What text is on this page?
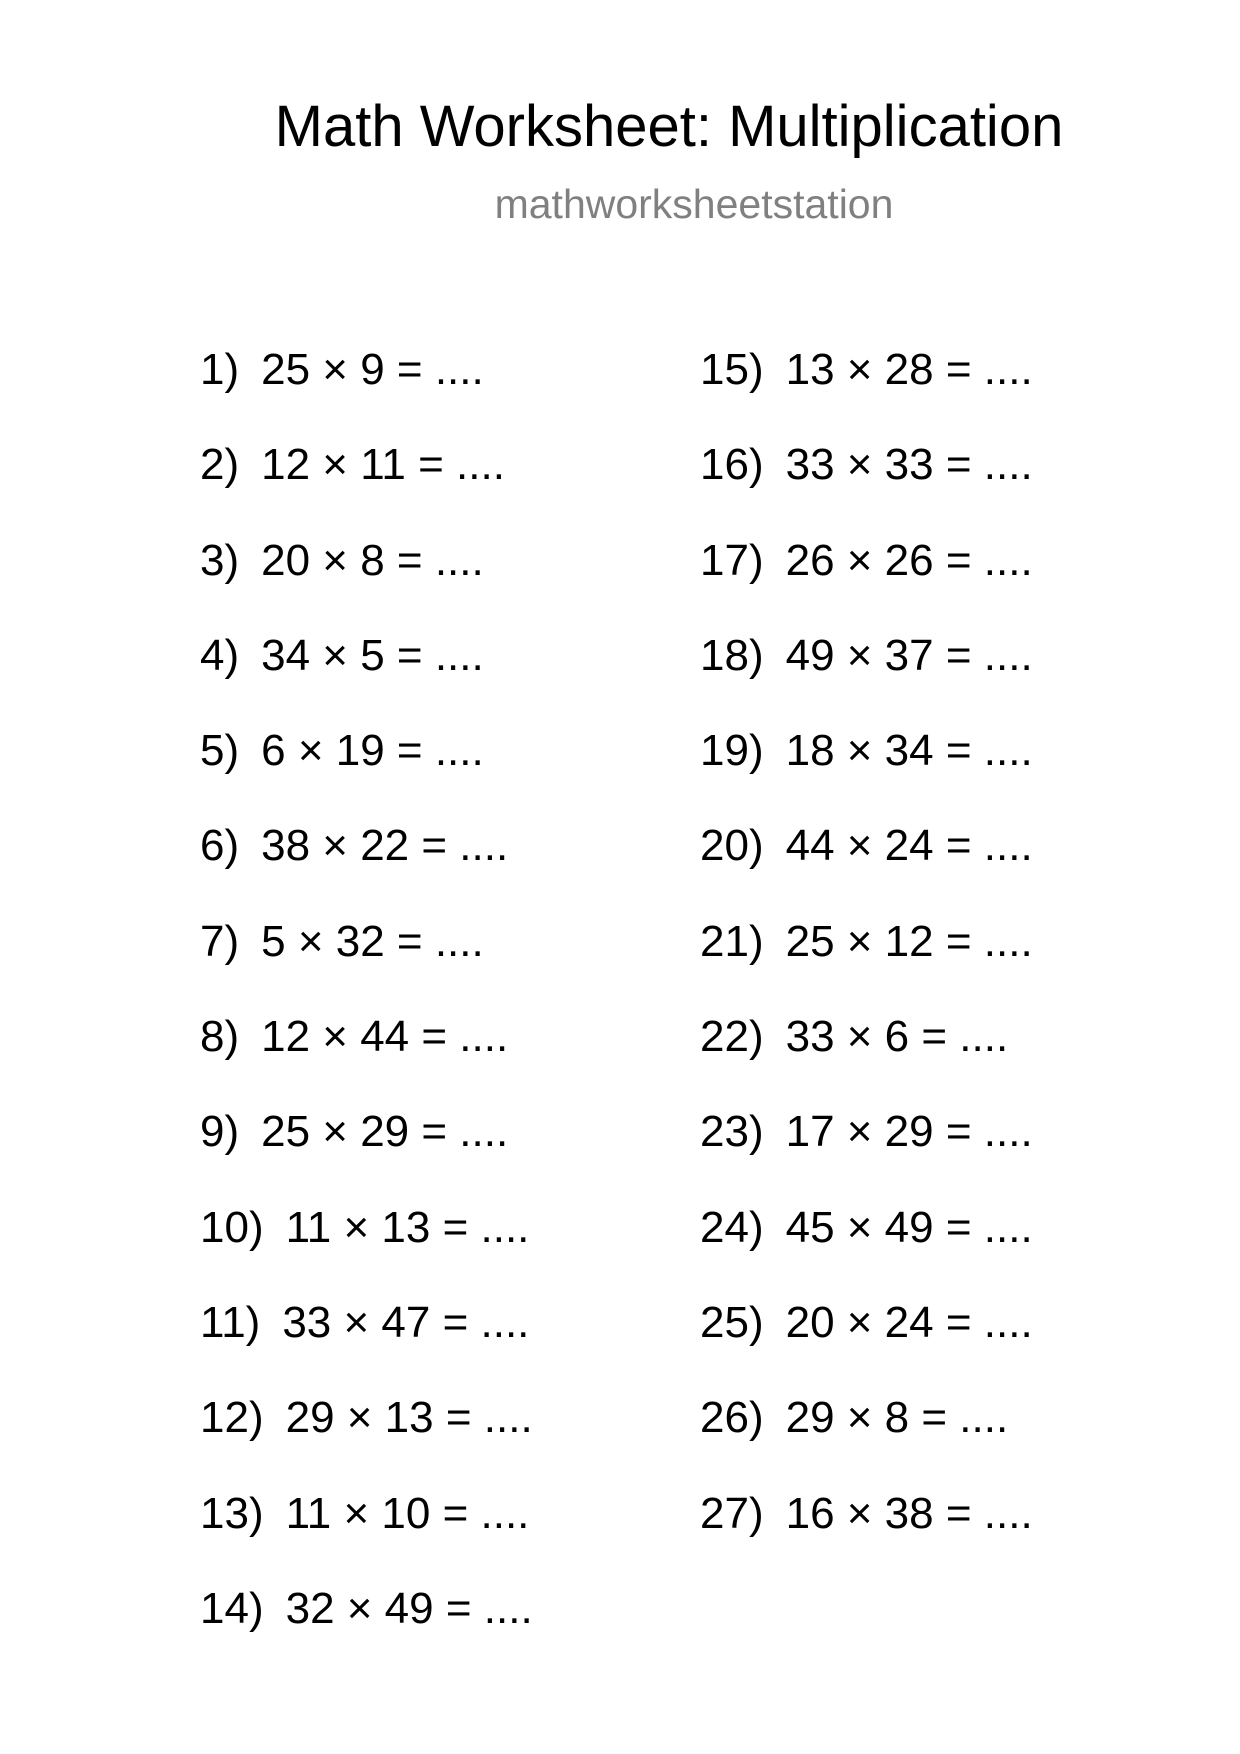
Math Worksheet: Multiplication
mathworksheetstation
1) 25 × 9 = ....
2) 12 × 11 = ....
3) 20 × 8 = ....
4) 34 × 5 = ....
5) 6 × 19 = ....
6) 38 × 22 = ....
7) 5 × 32 = ....
8) 12 × 44 = ....
9) 25 × 29 = ....
10) 11 × 13 = ....
11) 33 × 47 = ....
12) 29 × 13 = ....
13) 11 × 10 = ....
14) 32 × 49 = ....
15) 13 × 28 = ....
16) 33 × 33 = ....
17) 26 × 26 = ....
18) 49 × 37 = ....
19) 18 × 34 = ....
20) 44 × 24 = ....
21) 25 × 12 = ....
22) 33 × 6 = ....
23) 17 × 29 = ....
24) 45 × 49 = ....
25) 20 × 24 = ....
26) 29 × 8 = ....
27) 16 × 38 = ....
